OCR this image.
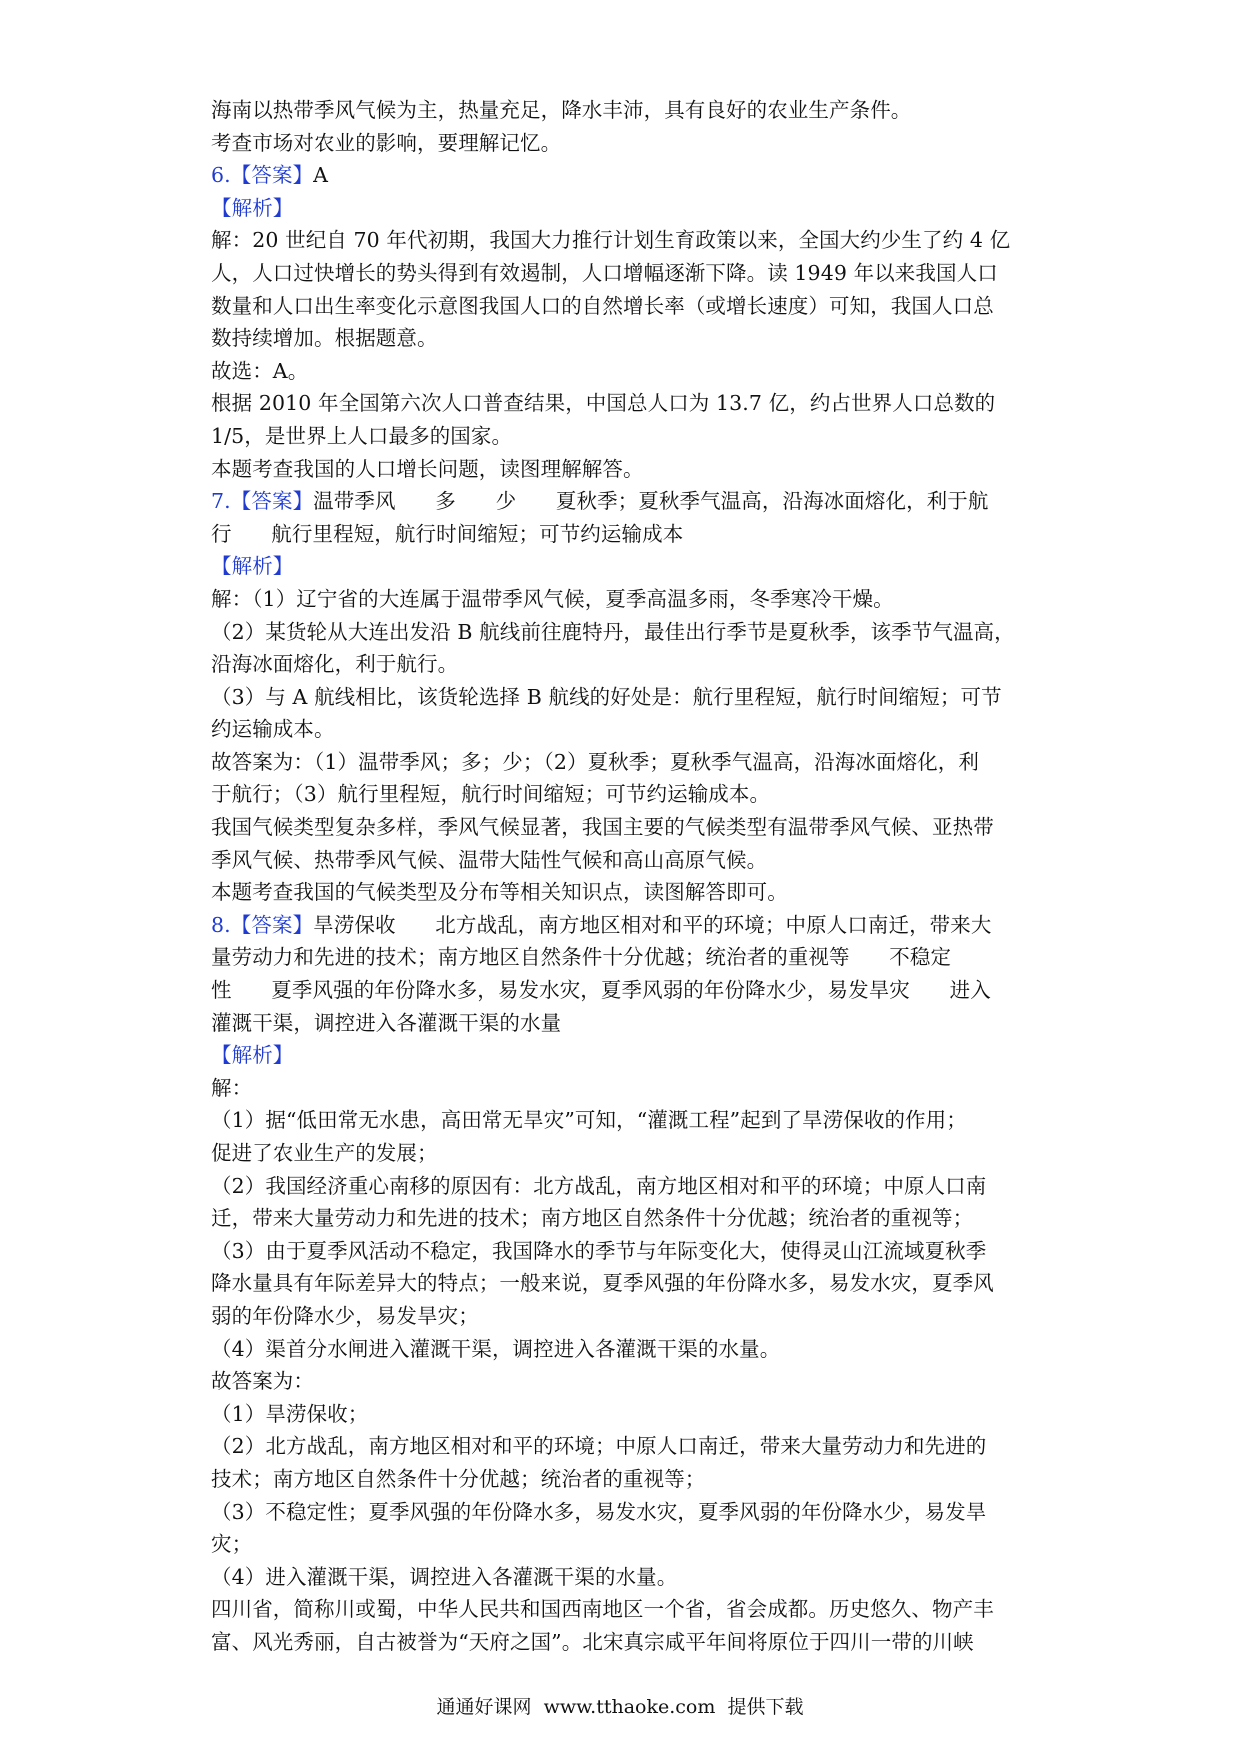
海南以热带季风气候为主，热量充足，降水丰沛，具有良好的农业生产条件。
考查市场对农业的影响，要理解记忆。
6.【答案】A
【解析】
解：20 世纪自 70 年代初期，我国大力推行计划生育政策以来，全国大约少生了约 4 亿
人，人口过快增长的势头得到有效遏制，人口增幅逐渐下降。读 1949 年以来我国人口
数量和人口出生率变化示意图我国人口的自然增长率（或增长速度）可知，我国人口总
数持续增加。根据题意。
故选：A。
根据 2010 年全国第六次人口普查结果，中国总人口为 13.7 亿，约占世界人口总数的
1/5，是世界上人口最多的国家。
本题考查我国的人口增长问题，读图理解解答。
7.【答案】温带季风      多      少      夏秋季；夏秋季气温高，沿海冰面熔化，利于航
行      航行里程短，航行时间缩短；可节约运输成本
【解析】
解：（1）辽宁省的大连属于温带季风气候，夏季高温多雨，冬季寒冷干燥。
（2）某货轮从大连出发沿 B 航线前往鹿特丹，最佳出行季节是夏秋季，该季节气温高，
沿海冰面熔化，利于航行。
（3）与 A 航线相比，该货轮选择 B 航线的好处是：航行里程短，航行时间缩短；可节
约运输成本。
故答案为：（1）温带季风；多；少；（2）夏秋季；夏秋季气温高，沿海冰面熔化，利
于航行；（3）航行里程短，航行时间缩短；可节约运输成本。
我国气候类型复杂多样，季风气候显著，我国主要的气候类型有温带季风气候、亚热带
季风气候、热带季风气候、温带大陆性气候和高山高原气候。
本题考查我国的气候类型及分布等相关知识点，读图解答即可。
8.【答案】旱涝保收      北方战乱，南方地区相对和平的环境；中原人口南迁，带来大
量劳动力和先进的技术；南方地区自然条件十分优越；统治者的重视等      不稳定
性      夏季风强的年份降水多，易发水灾，夏季风弱的年份降水少，易发旱灾      进入
灌溉干渠，调控进入各灌溉干渠的水量
【解析】
解：
（1）据“低田常无水患，高田常无旱灾”可知，“灌溉工程”起到了旱涝保收的作用；
促进了农业生产的发展；
（2）我国经济重心南移的原因有：北方战乱，南方地区相对和平的环境；中原人口南
迁，带来大量劳动力和先进的技术；南方地区自然条件十分优越；统治者的重视等；
（3）由于夏季风活动不稳定，我国降水的季节与年际变化大，使得灵山江流域夏秋季
降水量具有年际差异大的特点；一般来说，夏季风强的年份降水多，易发水灾，夏季风
弱的年份降水少，易发旱灾；
（4）渠首分水闸进入灌溉干渠，调控进入各灌溉干渠的水量。
故答案为：
（1）旱涝保收；
（2）北方战乱，南方地区相对和平的环境；中原人口南迁，带来大量劳动力和先进的
技术；南方地区自然条件十分优越；统治者的重视等；
（3）不稳定性；夏季风强的年份降水多，易发水灾，夏季风弱的年份降水少，易发旱
灾；
（4）进入灌溉干渠，调控进入各灌溉干渠的水量。
四川省，简称川或蜀，中华人民共和国西南地区一个省，省会成都。历史悠久、物产丰
富、风光秀丽，自古被誉为“天府之国”。北宋真宗咸平年间将原位于四川一带的川峡
通通好课网 www.tthaoke.com 提供下载
